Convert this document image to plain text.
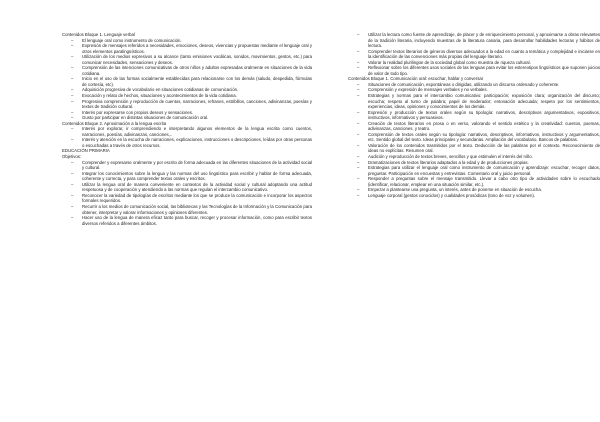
Contenidos Bloque 1. Lenguaje verbal
– El lenguaje oral como instrumento de comunicación.
– Expresión de mensajes referidos a necesidades, emociones, deseos, vivencias y propuestas mediante el lenguaje oral y otros elementos paralingüísticos.
– Utilización de los medios expresivos a su alcance (tanto emisiones vocálicas, sonidos, movimientos, gestos, etc.) para comunicar necesidades, sensaciones y deseos.
– Comprensión de las intenciones comunicativas de otros niños y adultos expresadas oralmente en situaciones de la vida cotidiana.
– Inicio en el uso de las formas socialmente establecidas para relacionarse con los demás (saludo, despedida, fórmulas de cortesía, etc).
– Adquisición progresiva de vocabulario en situaciones cotidianas de comunicación.
– Evocación y relato de hechos, situaciones y acontecimientos de la vida cotidiana.
– Progresiva comprensión y reproducción de cuentos, narraciones, refranes, estribillos, canciones, adivinanzas, poesías y textos de tradición cultural.
– Interés por expresarse con propios deseos y sensaciones.
– Gusto por participar en distintas situaciones de comunicación oral.
Contenidos Bloque 2. Aproximación a la lengua escrita
– Interés por explorar, ir comprendiendo e interpretando algunos elementos de la lengua escrita como cuentos, narraciones, poesías, adivinanzas, canciones,..
– Interés y atención en la escucha de narraciones, explicaciones, instrucciones o descripciones, leídas por otras personas o escuchadas a través de otros recursos.
EDUCACIÓN PRIMARIA
Objetivos:
– Comprender y expresarse oralmente y por escrito de forma adecuada en las diferentes situaciones de la actividad social y cultural.
– Integrar los conocimientos sobre la lengua y las normas del uso lingüístico para escribir y hablar de forma adecuada, coherente y correcta, y para comprender textos orales y escritos.
– Utilizar la lengua oral de manera conveniente en contextos de la actividad social y cultural adoptando una actitud respetuosa y de cooperación y atendiendo a las normas que regulan el intercambio comunicativo.
– Reconocer la variedad de tipologías de escritos mediante los que se produce la comunicación e incorporar los aspectos formales requeridos.
– Recurrir a los medios de comunicación social, las bibliotecas y las Tecnologías de la Información y la Comunicación para obtener, interpretar y valorar informaciones y opiniones diferentes.
– Hacer uso de la lengua de manera eficaz tanto para buscar, recoger y procesar información, como para escribir textos diversos referidos a diferentes ámbitos.
– Utilizar la lectura como fuente de aprendizaje, de placer y de enriquecimiento personal, y aproximarse a obras relevantes de la tradición literaria, incluyendo muestras de la literatura canaria, para desarrollar habilidades lectoras y hábitos de lectura.
– Comprender textos literarios de géneros diversos adecuados a la edad en cuanto a temática y complejidad e iniciarse en la identificación de las convenciones más propias del lenguaje literario.
– Valorar la realidad plurilingüe de la sociedad global como muestra de riqueza cultural.
– Reflexionar sobre los diferentes usos sociales de las lenguas para evitar los estereotipos lingüísticos que suponen juicios de valor de todo tipo.
Contenidos Bloque 1. Comunicación oral: escuchar, hablar y conversar
– Situaciones de comunicación, espontáneas o dirigidas, utilizando un discurso ordenado y coherente.
– Comprensión y expresión de mensajes verbales y no verbales.
– Estrategias y normas para el intercambio comunicativo: participación; exposición clara; organización del discurso; escucha; respeto al turno de palabra; papel de moderador; entonación adecuada; respeto por los sentimientos, experiencias, ideas, opiniones y conocimientos de los demás.
– Expresión y producción de textos orales según su tipología: narrativos, descriptivos argumentativos, expositivos, instructivos, informativos y persuasivos.
– Creación de textos literarios en prosa o en verso, valorando el sentido estético y la creatividad: cuentos, poemas, adivinanzas, canciones, y teatro.
– Comprensión de textos orales según su tipología: narrativos, descriptivos, informativos, instructivos y argumentativos, etc. Sentido global del texto. Ideas principales y secundarias. Ampliación del vocabulario. Bancos de palabras.
– Valoración de los contenidos trasmitidos por el texto. Deducción de las palabras por el contexto. Reconocimiento de ideas no explícitas. Resumen oral.
– Audición y reproducción de textos breves, sencillos y que estimulen el interés del niño.
– Dramatizaciones de textos literarios adaptados a la edad y de producciones propias.
– Estrategias para utilizar el lenguaje oral como instrumento de comunicación y aprendizaje: escuchar, recoger datos, preguntar. Participación en encuestas y entrevistas. Comentario oral y juicio personal.
– Responder a preguntas sobre el mensaje transmitido. Llevar a cabo otro tipo de actividades sobre lo escuchado (identificar, relacionar, emplear en una situación similar, etc.).
– Empezar a plantearse una pregunta, un interés, antes de ponerse en situación de escucha.
– Lenguaje corporal (gestos conocidos) y cualidades prosódicas (tono de voz y volumen).
